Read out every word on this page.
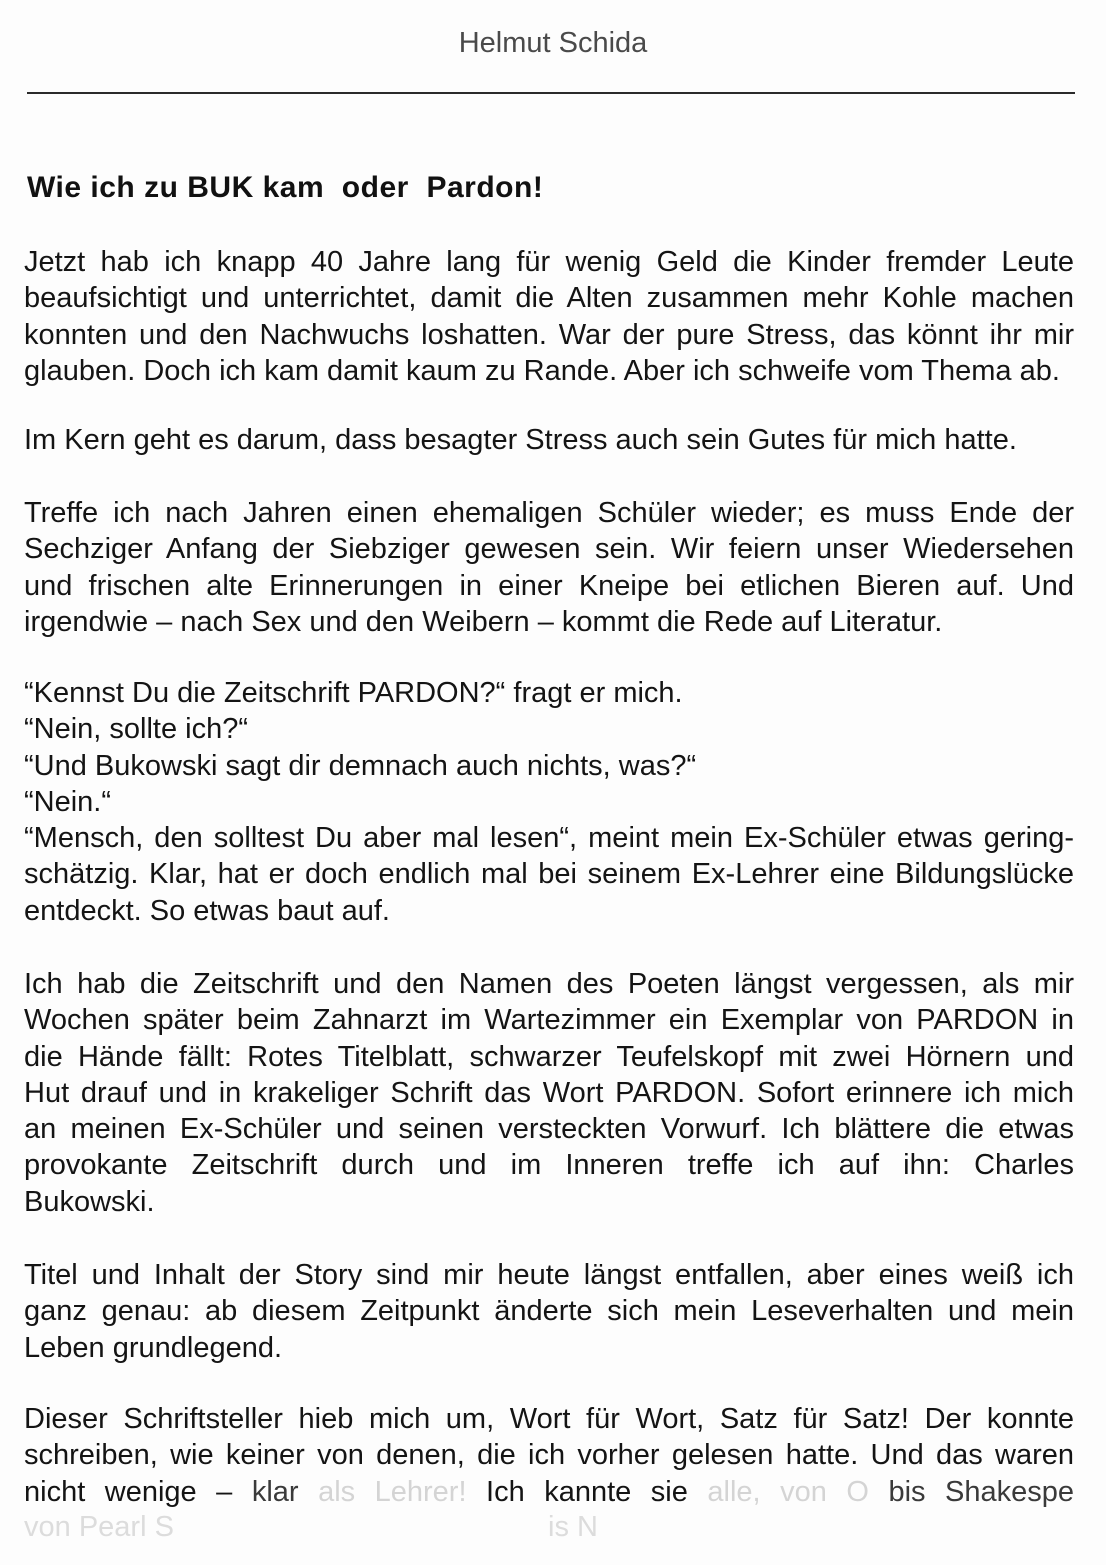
Helmut Schida
Wie ich zu BUK kam  oder  Pardon!
Jetzt hab ich knapp 40 Jahre lang für wenig Geld die Kinder fremder Leute
beaufsichtigt und unterrichtet, damit die Alten zusammen mehr Kohle machen
konnten und den Nachwuchs loshatten. War der pure Stress, das könnt ihr mir
glauben. Doch ich kam damit kaum zu Rande. Aber ich schweife vom Thema ab.
Im Kern geht es darum, dass besagter Stress auch sein Gutes für mich hatte.
Treffe ich nach Jahren einen ehemaligen Schüler wieder; es muss Ende der
Sechziger Anfang der Siebziger gewesen sein. Wir feiern unser Wiedersehen
und frischen alte Erinnerungen in einer Kneipe bei etlichen Bieren auf. Und
irgendwie – nach Sex und den Weibern – kommt die Rede auf Literatur.
“Kennst Du die Zeitschrift PARDON?“ fragt er mich.
“Nein, sollte ich?“
“Und Bukowski sagt dir demnach auch nichts, was?“
“Nein.“
“Mensch, den solltest Du aber mal lesen“, meint mein Ex-Schüler etwas gering-
schätzig. Klar, hat er doch endlich mal bei seinem Ex-Lehrer eine Bildungslücke
entdeckt. So etwas baut auf.
Ich hab die Zeitschrift und den Namen des Poeten längst vergessen, als mir
Wochen später beim Zahnarzt im Wartezimmer ein Exemplar von PARDON in
die Hände fällt: Rotes Titelblatt, schwarzer Teufelskopf mit zwei Hörnern und
Hut drauf und in krakeliger Schrift das Wort PARDON. Sofort erinnere ich mich
an meinen Ex-Schüler und seinen versteckten Vorwurf. Ich blättere die etwas
provokante Zeitschrift durch und im Inneren treffe ich auf ihn: Charles
Bukowski.
Titel und Inhalt der Story sind mir heute längst entfallen, aber eines weiß ich
ganz genau: ab diesem Zeitpunkt änderte sich mein Leseverhalten und mein
Leben grundlegend.
Dieser Schriftsteller hieb mich um, Wort für Wort, Satz für Satz! Der konnte
schreiben, wie keiner von denen, die ich vorher gelesen hatte. Und das waren
nicht wenige – klar als Lehrer! Ich kannte sie alle, von O bis Shakespe
von Pearl S	is N
